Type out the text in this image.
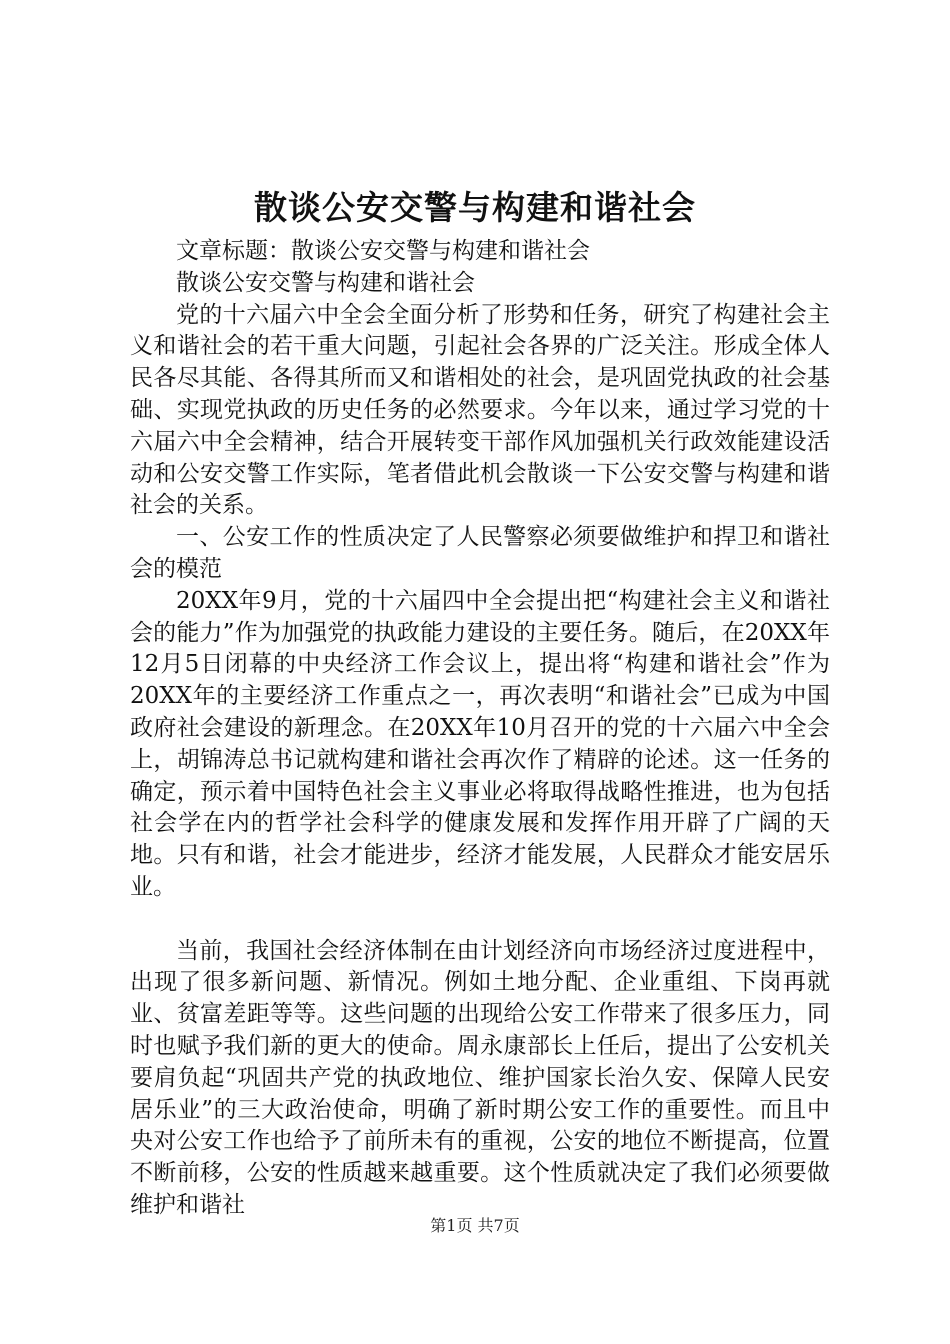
散谈公安交警与构建和谐社会

文章标题：散谈公安交警与构建和谐社会

散谈公安交警与构建和谐社会

党的十六届六中全会全面分析了形势和任务，研究了构建社会主义和谐社会的若干重大问题，引起社会各界的广泛关注。形成全体人民各尽其能、各得其所而又和谐相处的社会，是巩固党执政的社会基础、实现党执政的历史任务的必然要求。今年以来，通过学习党的十六届六中全会精神，结合开展转变干部作风加强机关行政效能建设活动和公安交警工作实际，笔者借此机会散谈一下公安交警与构建和谐社会的关系。

一、公安工作的性质决定了人民警察必须要做维护和捍卫和谐社会的模范

20XX年9月，党的十六届四中全会提出把“构建社会主义和谐社会的能力”作为加强党的执政能力建设的主要任务。随后，在20XX年12月5日闭幕的中央经济工作会议上，提出将“构建和谐社会”作为20XX年的主要经济工作重点之一，再次表明“和谐社会”已成为中国政府社会建设的新理念。在20XX年10月召开的党的十六届六中全会上，胡锦涛总书记就构建和谐社会再次作了精辟的论述。这一任务的确定，预示着中国特色社会主义事业必将取得战略性推进，也为包括社会学在内的哲学社会科学的健康发展和发挥作用开辟了广阔的天地。只有和谐，社会才能进步，经济才能发展，人民群众才能安居乐业。

当前，我国社会经济体制在由计划经济向市场经济过度进程中，出现了很多新问题、新情况。例如土地分配、企业重组、下岗再就业、贫富差距等等。这些问题的出现给公安工作带来了很多压力，同时也赋予我们新的更大的使命。周永康部长上任后，提出了公安机关要肩负起“巩固共产党的执政地位、维护国家长治久安、保障人民安居乐业”的三大政治使命，明确了新时期公安工作的重要性。而且中央对公安工作也给予了前所未有的重视，公安的地位不断提高，位置不断前移，公安的性质越来越重要。这个性质就决定了我们必须要做维护和谐社

第1页 共7页
